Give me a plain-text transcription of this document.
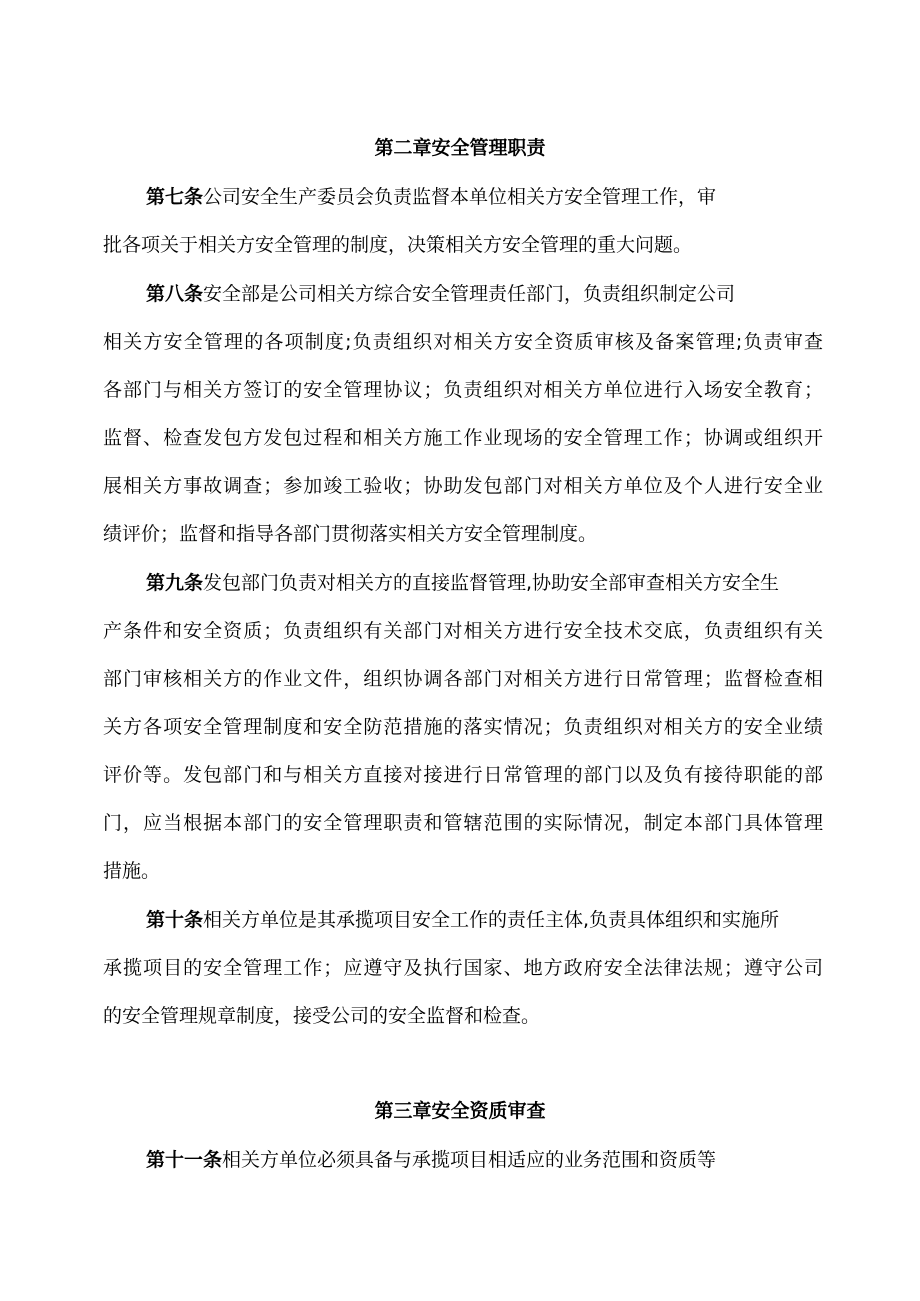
第二章安全管理职责
第七条公司安全生产委员会负责监督本单位相关方安全管理工作，审
批各项关于相关方安全管理的制度，决策相关方安全管理的重大问题。
第八条安全部是公司相关方综合安全管理责任部门，负责组织制定公司
相关方安全管理的各项制度;负责组织对相关方安全资质审核及备案管理;负责审查
各部门与相关方签订的安全管理协议；负责组织对相关方单位进行入场安全教育；
监督、检查发包方发包过程和相关方施工作业现场的安全管理工作；协调或组织开
展相关方事故调查；参加竣工验收；协助发包部门对相关方单位及个人进行安全业
绩评价；监督和指导各部门贯彻落实相关方安全管理制度。
第九条发包部门负责对相关方的直接监督管理,协助安全部审查相关方安全生
产条件和安全资质；负责组织有关部门对相关方进行安全技术交底，负责组织有关
部门审核相关方的作业文件，组织协调各部门对相关方进行日常管理；监督检查相
关方各项安全管理制度和安全防范措施的落实情况；负责组织对相关方的安全业绩
评价等。发包部门和与相关方直接对接进行日常管理的部门以及负有接待职能的部
门，应当根据本部门的安全管理职责和管辖范围的实际情况，制定本部门具体管理
措施。
第十条相关方单位是其承揽项目安全工作的责任主体,负责具体组织和实施所
承揽项目的安全管理工作；应遵守及执行国家、地方政府安全法律法规；遵守公司
的安全管理规章制度，接受公司的安全监督和检查。
第三章安全资质审查
第十一条相关方单位必须具备与承揽项目相适应的业务范围和资质等
